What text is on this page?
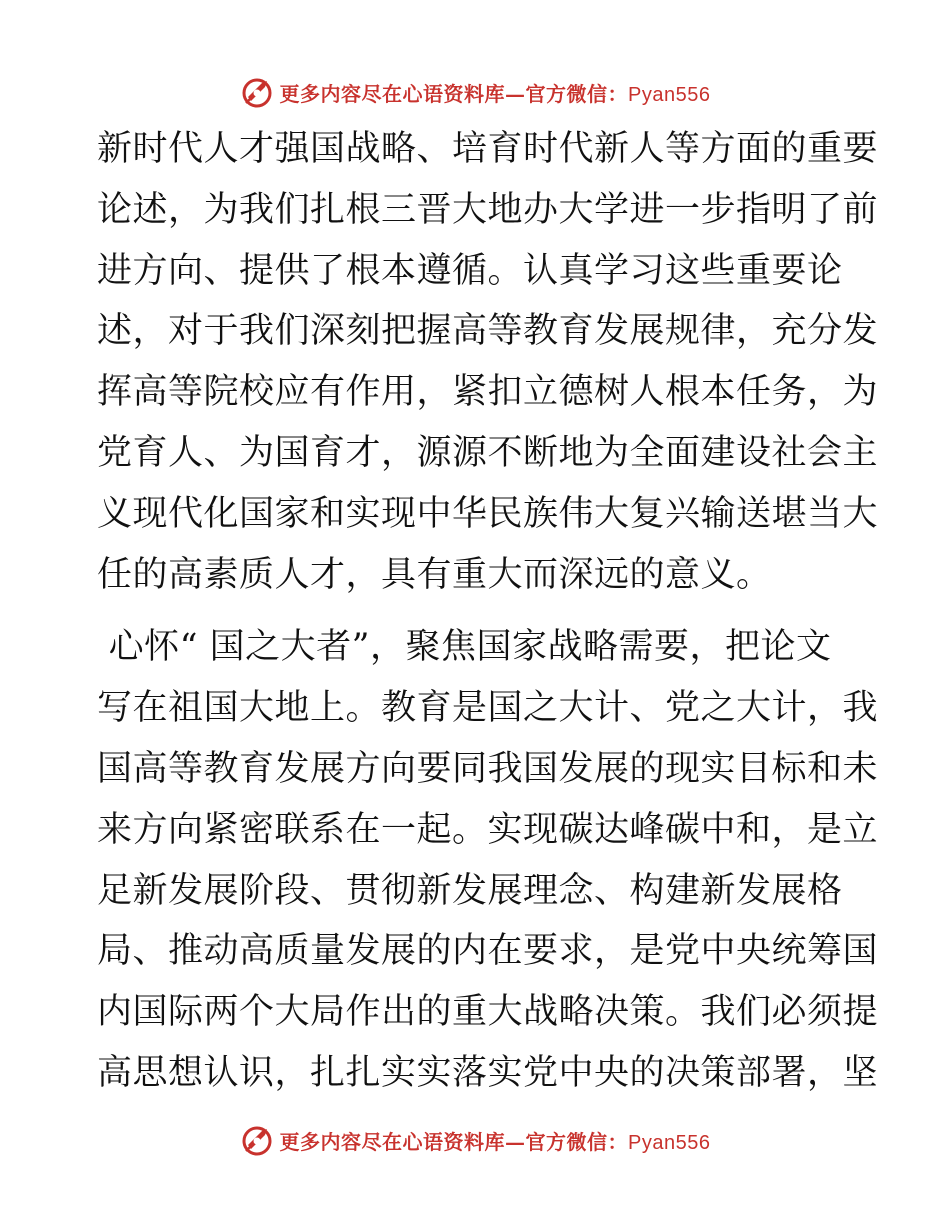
更多内容尽在心语资料库—官方微信：Pyan556
新时代人才强国战略、培育时代新人等方面的重要
论述，为我们扎根三晋大地办大学进一步指明了前
进方向、提供了根本遵循。认真学习这些重要论
述，对于我们深刻把握高等教育发展规律，充分发
挥高等院校应有作用，紧扣立德树人根本任务，为
党育人、为国育才，源源不断地为全面建设社会主
义现代化国家和实现中华民族伟大复兴输送堪当大
任的高素质人才，具有重大而深远的意义。
心怀“ 国之大者”，聚焦国家战略需要，把论文
写在祖国大地上。教育是国之大计、党之大计，我
国高等教育发展方向要同我国发展的现实目标和未
来方向紧密联系在一起。实现碳达峰碳中和，是立
足新发展阶段、贯彻新发展理念、构建新发展格
局、推动高质量发展的内在要求，是党中央统筹国
内国际两个大局作出的重大战略决策。我们必须提
高思想认识，扎扎实实落实党中央的决策部署，坚
更多内容尽在心语资料库—官方微信：Pyan556
